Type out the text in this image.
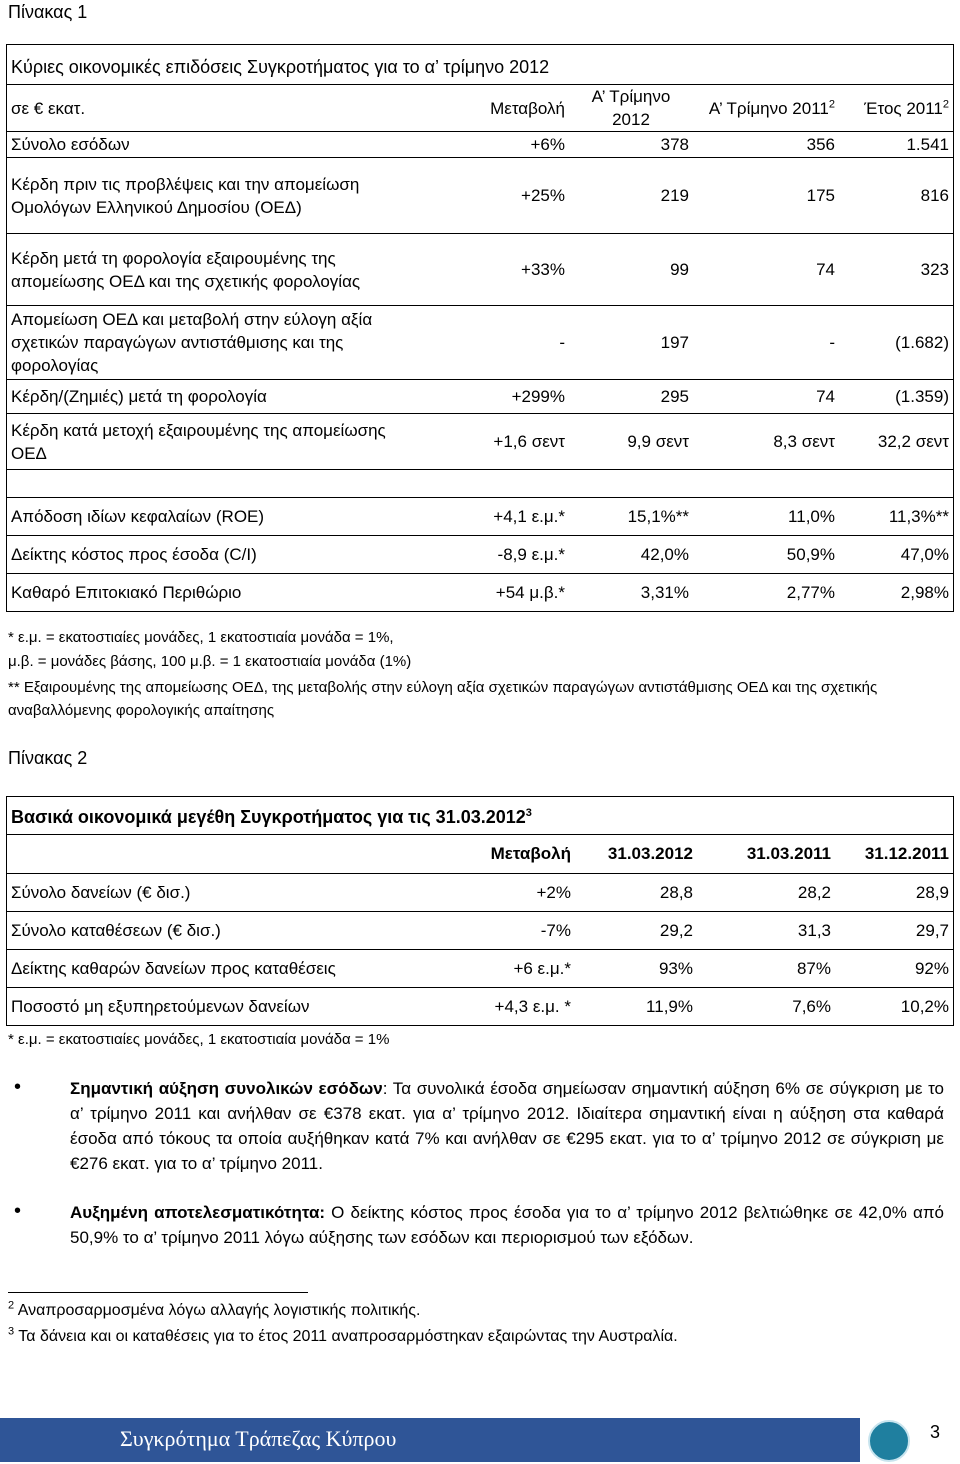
Πίνακας 1
Κύριες οικονομικές επιδόσεις Συγκροτήματος για το α’ τρίμηνο 2012
σε € εκατ.	Μεταβολή	Α’ Τρίμηνο 2012	Α’ Τρίμηνο 2011$^2$	Έτος 2011$^2$
Σύνολο εσόδων	+6%	378	356	1.541
Κέρδη πριν τις προβλέψεις και την απομείωση Ομολόγων Ελληνικού Δημοσίου (ΟΕΔ)	+25%	219	175	816
Κέρδη μετά τη φορολογία εξαιρουμένης της απομείωσης ΟΕΔ και της σχετικής φορολογίας	+33%	99	74	323
Απομείωση ΟΕΔ και μεταβολή στην εύλογη αξία σχετικών παραγώγων αντιστάθμισης και της φορολογίας	-	197	-	(1.682)
Κέρδη/(Ζημιές) μετά τη φορολογία	+299%	295	74	(1.359)
Κέρδη κατά μετοχή εξαιρουμένης της απομείωσης ΟΕΔ	+1,6 σεντ	9,9 σεντ	8,3 σεντ	32,2 σεντ

Απόδοση ιδίων κεφαλαίων (ROE)	+4,1 ε.μ.*	15,1%**	11,0%	11,3%**
Δείκτης κόστος προς έσοδα (C/I)	-8,9 ε.μ.*	42,0%	50,9%	47,0%
Καθαρό Επιτοκιακό Περιθώριο	+54 μ.β.*	3,31%	2,77%	2,98%
* ε.μ. = εκατοστιαίες μονάδες, 1 εκατοστιαία μονάδα = 1%,
μ.β. = μονάδες βάσης, 100 μ.β. = 1 εκατοστιαία μονάδα (1%)
** Εξαιρουμένης της απομείωσης ΟΕΔ, της μεταβολής στην εύλογη αξία σχετικών παραγώγων αντιστάθμισης ΟΕΔ και της σχετικής αναβαλλόμενης φορολογικής απαίτησης
Πίνακας 2
Βασικά οικονομικά μεγέθη Συγκροτήματος για τις 31.03.2012$^3$
	Μεταβολή	31.03.2012	31.03.2011	31.12.2011
Σύνολο δανείων (€ δισ.)	+2%	28,8	28,2	28,9
Σύνολο καταθέσεων (€ δισ.)	-7%	29,2	31,3	29,7
Δείκτης καθαρών δανείων προς καταθέσεις	+6 ε.μ.*	93%	87%	92%
Ποσοστό μη εξυπηρετούμενων δανείων	+4,3 ε.μ. *	11,9%	7,6%	10,2%
* ε.μ. = εκατοστιαίες μονάδες, 1 εκατοστιαία μονάδα = 1%
•	Σημαντική αύξηση συνολικών εσόδων: Τα συνολικά έσοδα σημείωσαν σημαντική αύξηση 6% σε σύγκριση με το α’ τρίμηνο 2011 και ανήλθαν σε €378 εκατ. για α’ τρίμηνο 2012. Ιδιαίτερα σημαντική είναι η αύξηση στα καθαρά έσοδα από τόκους τα οποία αυξήθηκαν κατά 7% και ανήλθαν σε €295 εκατ. για το α’ τρίμηνο 2012 σε σύγκριση με €276 εκατ. για το α’ τρίμηνο 2011.
•	Αυξημένη αποτελεσματικότητα: Ο δείκτης κόστος προς έσοδα για το α’ τρίμηνο 2012 βελτιώθηκε σε 42,0% από 50,9% το α’ τρίμηνο 2011 λόγω αύξησης των εσόδων και περιορισμού των εξόδων.
$^2$ Αναπροσαρμοσμένα λόγω αλλαγής λογιστικής πολιτικής.
$^3$ Τα δάνεια και οι καταθέσεις για το έτος 2011 αναπροσαρμόστηκαν εξαιρώντας την Αυστραλία.
Συγκρότημα Τράπεζας Κύπρου	3
